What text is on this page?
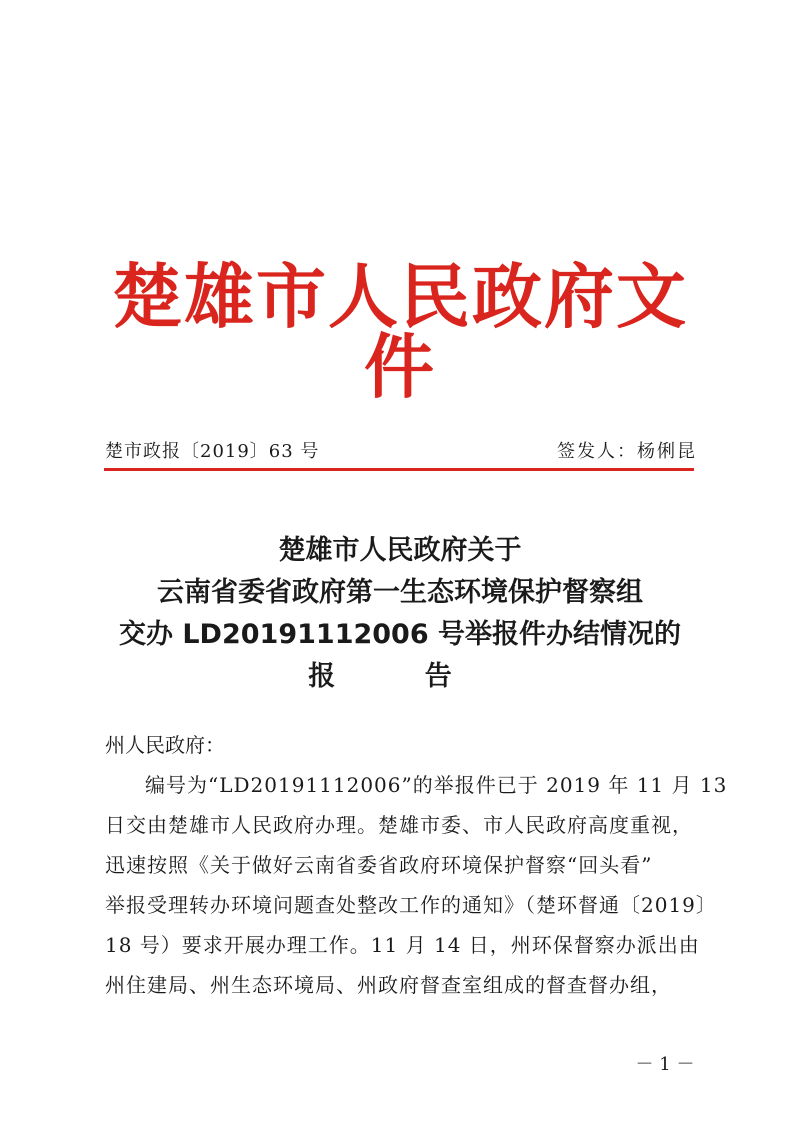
楚雄市人民政府文件
楚市政报〔2019〕63 号	签发人：杨俐昆
楚雄市人民政府关于
云南省委省政府第一生态环境保护督察组
交办 LD20191112006 号举报件办结情况的
报 告
州人民政府：
编号为“LD20191112006”的举报件已于 2019 年 11 月 13
日交由楚雄市人民政府办理。楚雄市委、市人民政府高度重视，
迅速按照《关于做好云南省委省政府环境保护督察“回头看”
举报受理转办环境问题查处整改工作的通知》（楚环督通〔2019〕
18 号）要求开展办理工作。11 月 14 日，州环保督察办派出由
州住建局、州生态环境局、州政府督查室组成的督查督办组，
－ 1 －
